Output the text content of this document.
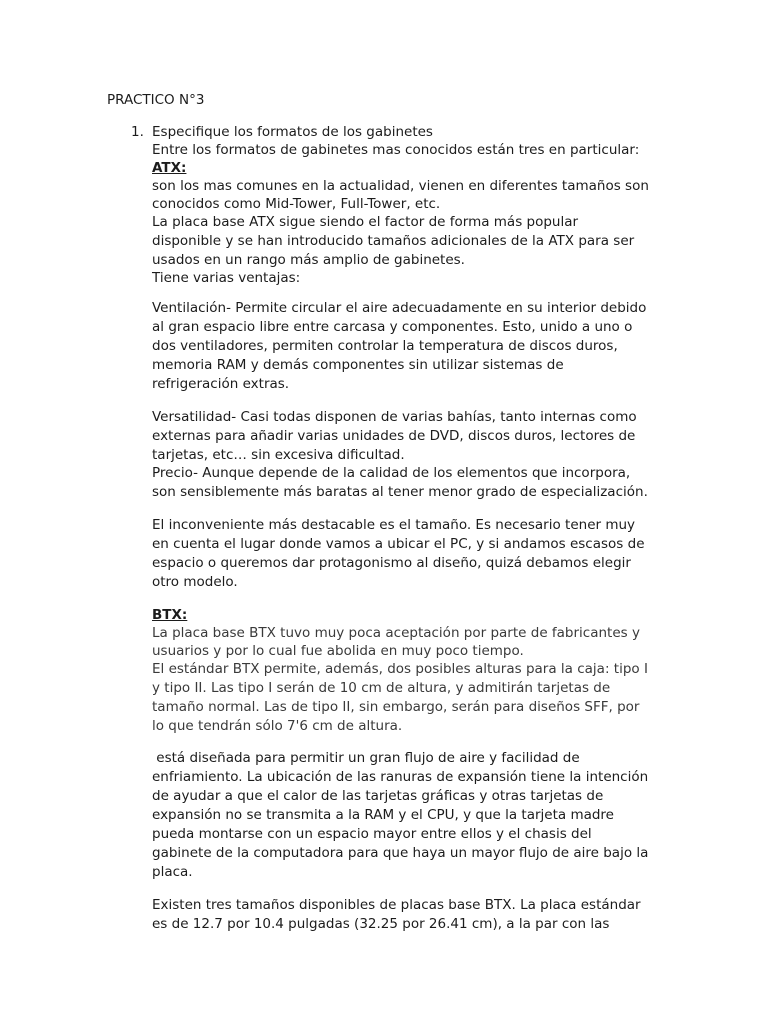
PRACTICO N°3
1. Especifique los formatos de los gabinetes
Entre los formatos de gabinetes mas conocidos están tres en particular:
ATX:
son los mas comunes en la actualidad, vienen en diferentes tamaños son
conocidos como Mid-Tower, Full-Tower, etc.
La placa base ATX sigue siendo el factor de forma más popular
disponible y se han introducido tamaños adicionales de la ATX para ser
usados en un rango más amplio de gabinetes.
Tiene varias ventajas:
Ventilación- Permite circular el aire adecuadamente en su interior debido
al gran espacio libre entre carcasa y componentes. Esto, unido a uno o
dos ventiladores, permiten controlar la temperatura de discos duros,
memoria RAM y demás componentes sin utilizar sistemas de
refrigeración extras.
Versatilidad- Casi todas disponen de varias bahías, tanto internas como
externas para añadir varias unidades de DVD, discos duros, lectores de
tarjetas, etc… sin excesiva dificultad.
Precio- Aunque depende de la calidad de los elementos que incorpora,
son sensiblemente más baratas al tener menor grado de especialización.
El inconveniente más destacable es el tamaño. Es necesario tener muy
en cuenta el lugar donde vamos a ubicar el PC, y si andamos escasos de
espacio o queremos dar protagonismo al diseño, quizá debamos elegir
otro modelo.
BTX:
La placa base BTX tuvo muy poca aceptación por parte de fabricantes y
usuarios y por lo cual fue abolida en muy poco tiempo.
El estándar BTX permite, además, dos posibles alturas para la caja: tipo I
y tipo II. Las tipo I serán de 10 cm de altura, y admitirán tarjetas de
tamaño normal. Las de tipo II, sin embargo, serán para diseños SFF, por
lo que tendrán sólo 7'6 cm de altura.
está diseñada para permitir un gran flujo de aire y facilidad de
enfriamiento. La ubicación de las ranuras de expansión tiene la intención
de ayudar a que el calor de las tarjetas gráficas y otras tarjetas de
expansión no se transmita a la RAM y el CPU, y que la tarjeta madre
pueda montarse con un espacio mayor entre ellos y el chasis del
gabinete de la computadora para que haya un mayor flujo de aire bajo la
placa.
Existen tres tamaños disponibles de placas base BTX. La placa estándar
es de 12.7 por 10.4 pulgadas (32.25 por 26.41 cm), a la par con las
